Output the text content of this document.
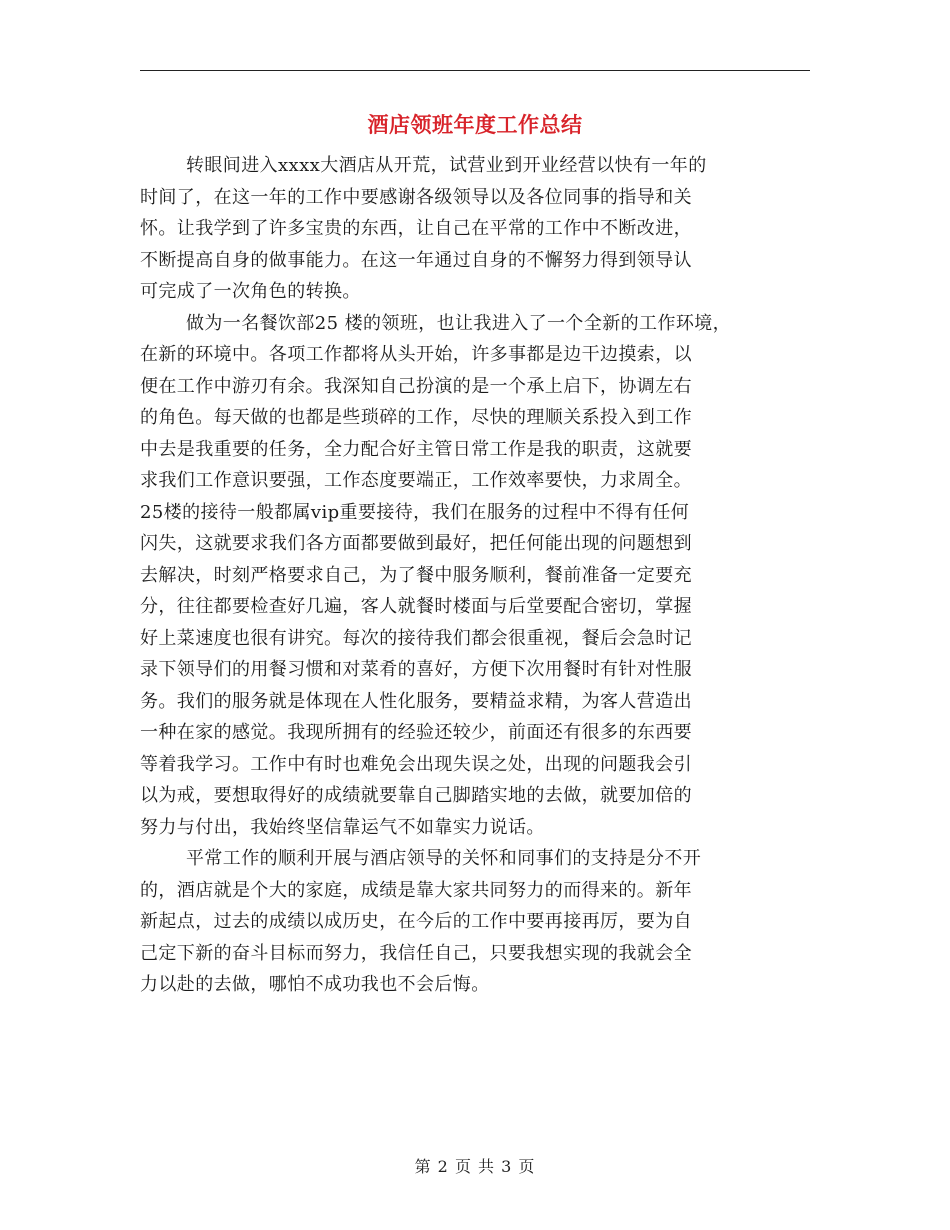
酒店领班年度工作总结
转眼间进入xxxx大酒店从开荒，试营业到开业经营以快有一年的
时间了，在这一年的工作中要感谢各级领导以及各位同事的指导和关
怀。让我学到了许多宝贵的东西，让自己在平常的工作中不断改进，
不断提高自身的做事能力。在这一年通过自身的不懈努力得到领导认
可完成了一次角色的转换。
做为一名餐饮部25 楼的领班，也让我进入了一个全新的工作环境，
在新的环境中。各项工作都将从头开始，许多事都是边干边摸索，以
便在工作中游刃有余。我深知自己扮演的是一个承上启下，协调左右
的角色。每天做的也都是些琐碎的工作，尽快的理顺关系投入到工作
中去是我重要的任务，全力配合好主管日常工作是我的职责，这就要
求我们工作意识要强，工作态度要端正，工作效率要快，力求周全。
25楼的接待一般都属vip重要接待，我们在服务的过程中不得有任何
闪失，这就要求我们各方面都要做到最好，把任何能出现的问题想到
去解决，时刻严格要求自己，为了餐中服务顺利，餐前准备一定要充
分，往往都要检查好几遍，客人就餐时楼面与后堂要配合密切，掌握
好上菜速度也很有讲究。每次的接待我们都会很重视，餐后会急时记
录下领导们的用餐习惯和对菜肴的喜好，方便下次用餐时有针对性服
务。我们的服务就是体现在人性化服务，要精益求精，为客人营造出
一种在家的感觉。我现所拥有的经验还较少，前面还有很多的东西要
等着我学习。工作中有时也难免会出现失误之处，出现的问题我会引
以为戒，要想取得好的成绩就要靠自己脚踏实地的去做，就要加倍的
努力与付出，我始终坚信靠运气不如靠实力说话。
平常工作的顺利开展与酒店领导的关怀和同事们的支持是分不开
的，酒店就是个大的家庭，成绩是靠大家共同努力的而得来的。新年
新起点，过去的成绩以成历史，在今后的工作中要再接再厉，要为自
己定下新的奋斗目标而努力，我信任自己，只要我想实现的我就会全
力以赴的去做，哪怕不成功我也不会后悔。
第 2 页 共 3 页
